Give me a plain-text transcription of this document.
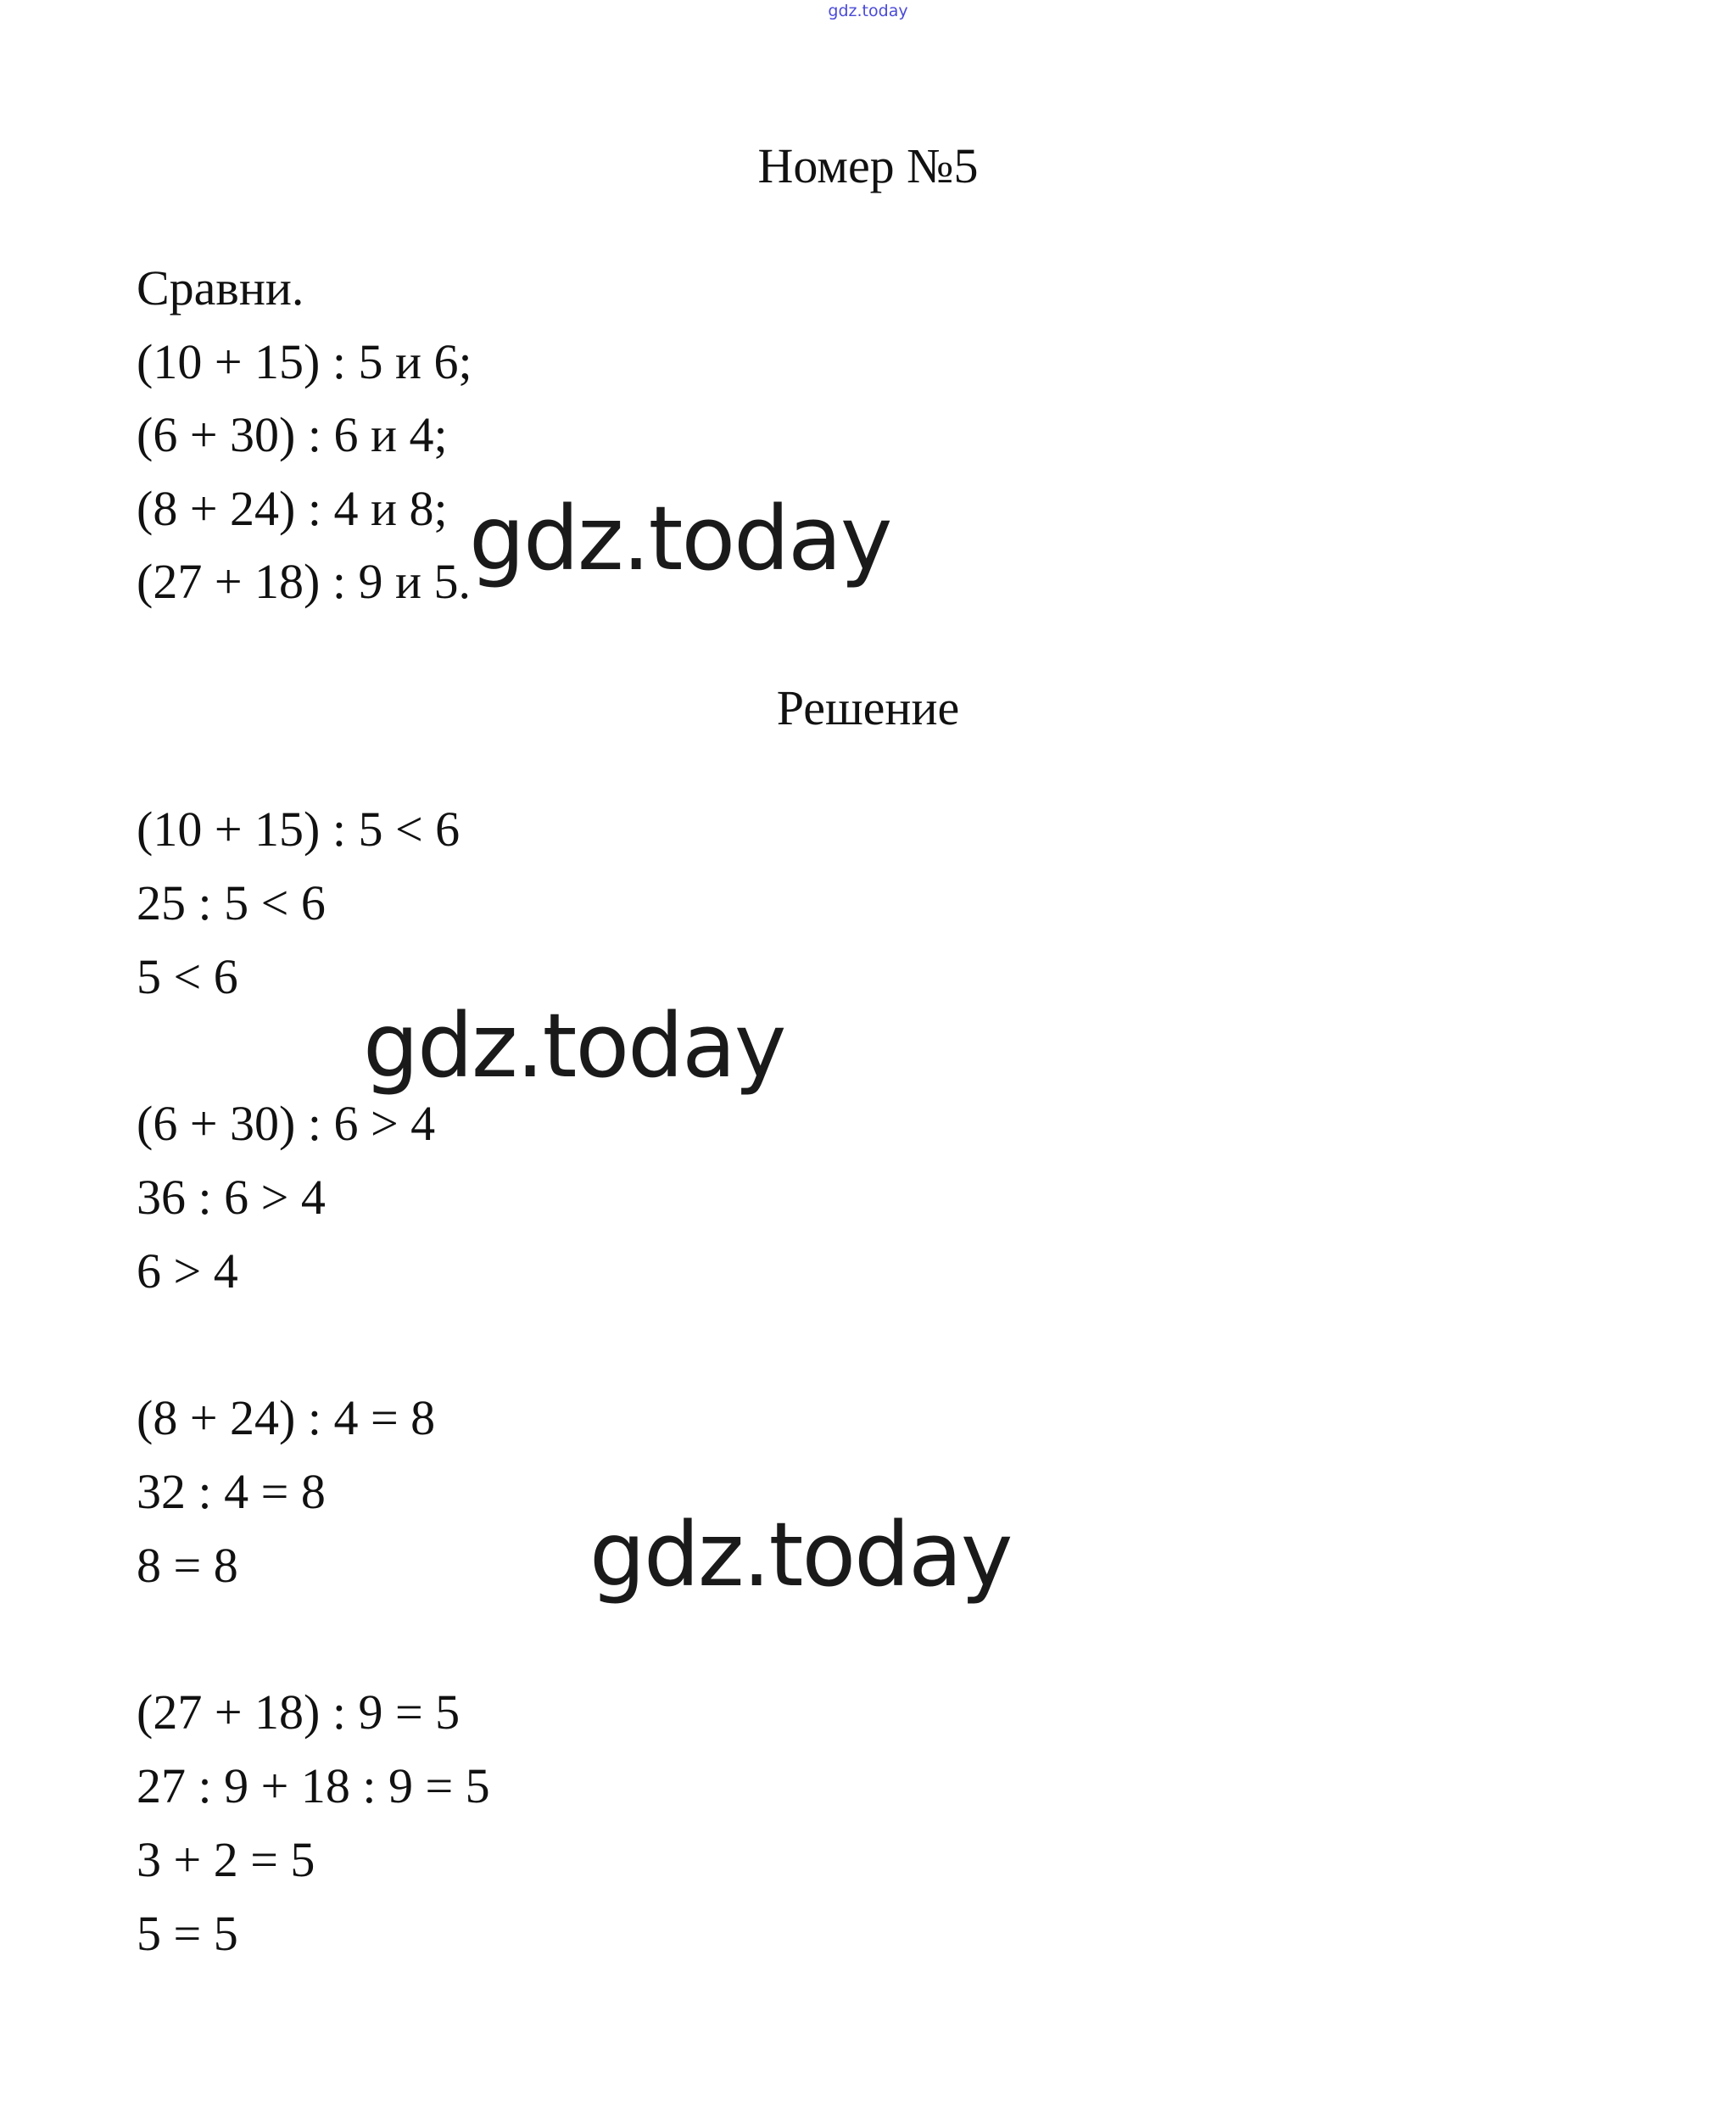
gdz.today
Номер №5
Сравни.
(10 + 15) : 5 и 6;
(6 + 30) : 6 и 4;
(8 + 24) : 4 и 8;
(27 + 18) : 9 и 5.
Решение
(10 + 15) : 5 < 6
25 : 5 < 6
5 < 6
(6 + 30) : 6 > 4
36 : 6 > 4
6 > 4
(8 + 24) : 4 = 8
32 : 4 = 8
8 = 8
(27 + 18) : 9 = 5
27 : 9 + 18 : 9 = 5
3 + 2 = 5
5 = 5
gdz.today
gdz.today
gdz.today
